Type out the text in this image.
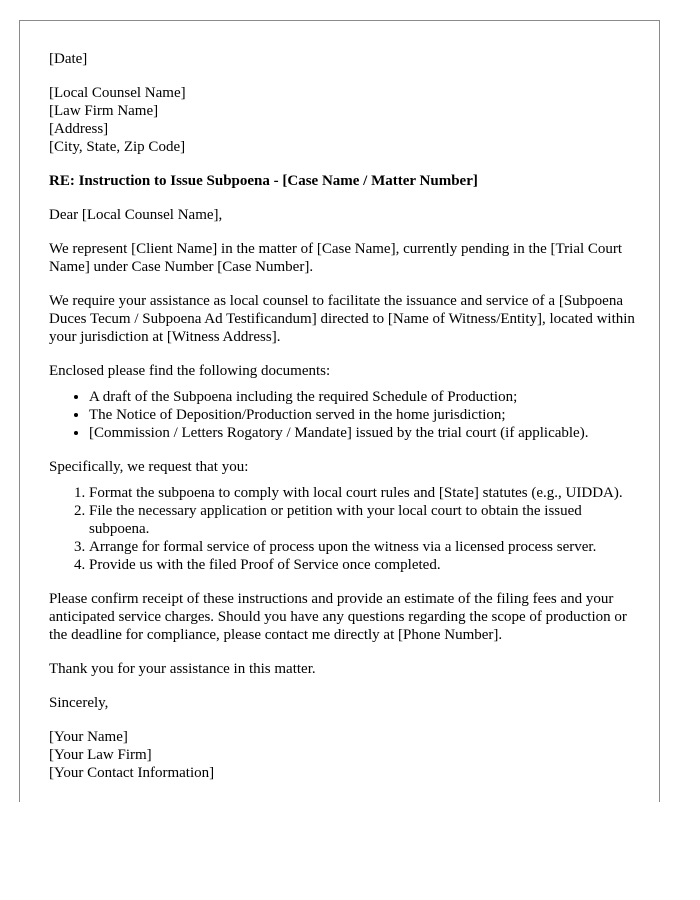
[Date]

[Local Counsel Name]
[Law Firm Name]
[Address]
[City, State, Zip Code]

RE: Instruction to Issue Subpoena - [Case Name / Matter Number]

Dear [Local Counsel Name],

We represent [Client Name] in the matter of [Case Name], currently pending in the [Trial Court Name] under Case Number [Case Number].

We require your assistance as local counsel to facilitate the issuance and service of a [Subpoena Duces Tecum / Subpoena Ad Testificandum] directed to [Name of Witness/Entity], located within your jurisdiction at [Witness Address].

Enclosed please find the following documents:

• A draft of the Subpoena including the required Schedule of Production;
• The Notice of Deposition/Production served in the home jurisdiction;
• [Commission / Letters Rogatory / Mandate] issued by the trial court (if applicable).

Specifically, we request that you:

1. Format the subpoena to comply with local court rules and [State] statutes (e.g., UIDDA).
2. File the necessary application or petition with your local court to obtain the issued subpoena.
3. Arrange for formal service of process upon the witness via a licensed process server.
4. Provide us with the filed Proof of Service once completed.

Please confirm receipt of these instructions and provide an estimate of the filing fees and your anticipated service charges. Should you have any questions regarding the scope of production or the deadline for compliance, please contact me directly at [Phone Number].

Thank you for your assistance in this matter.

Sincerely,

[Your Name]
[Your Law Firm]
[Your Contact Information]
